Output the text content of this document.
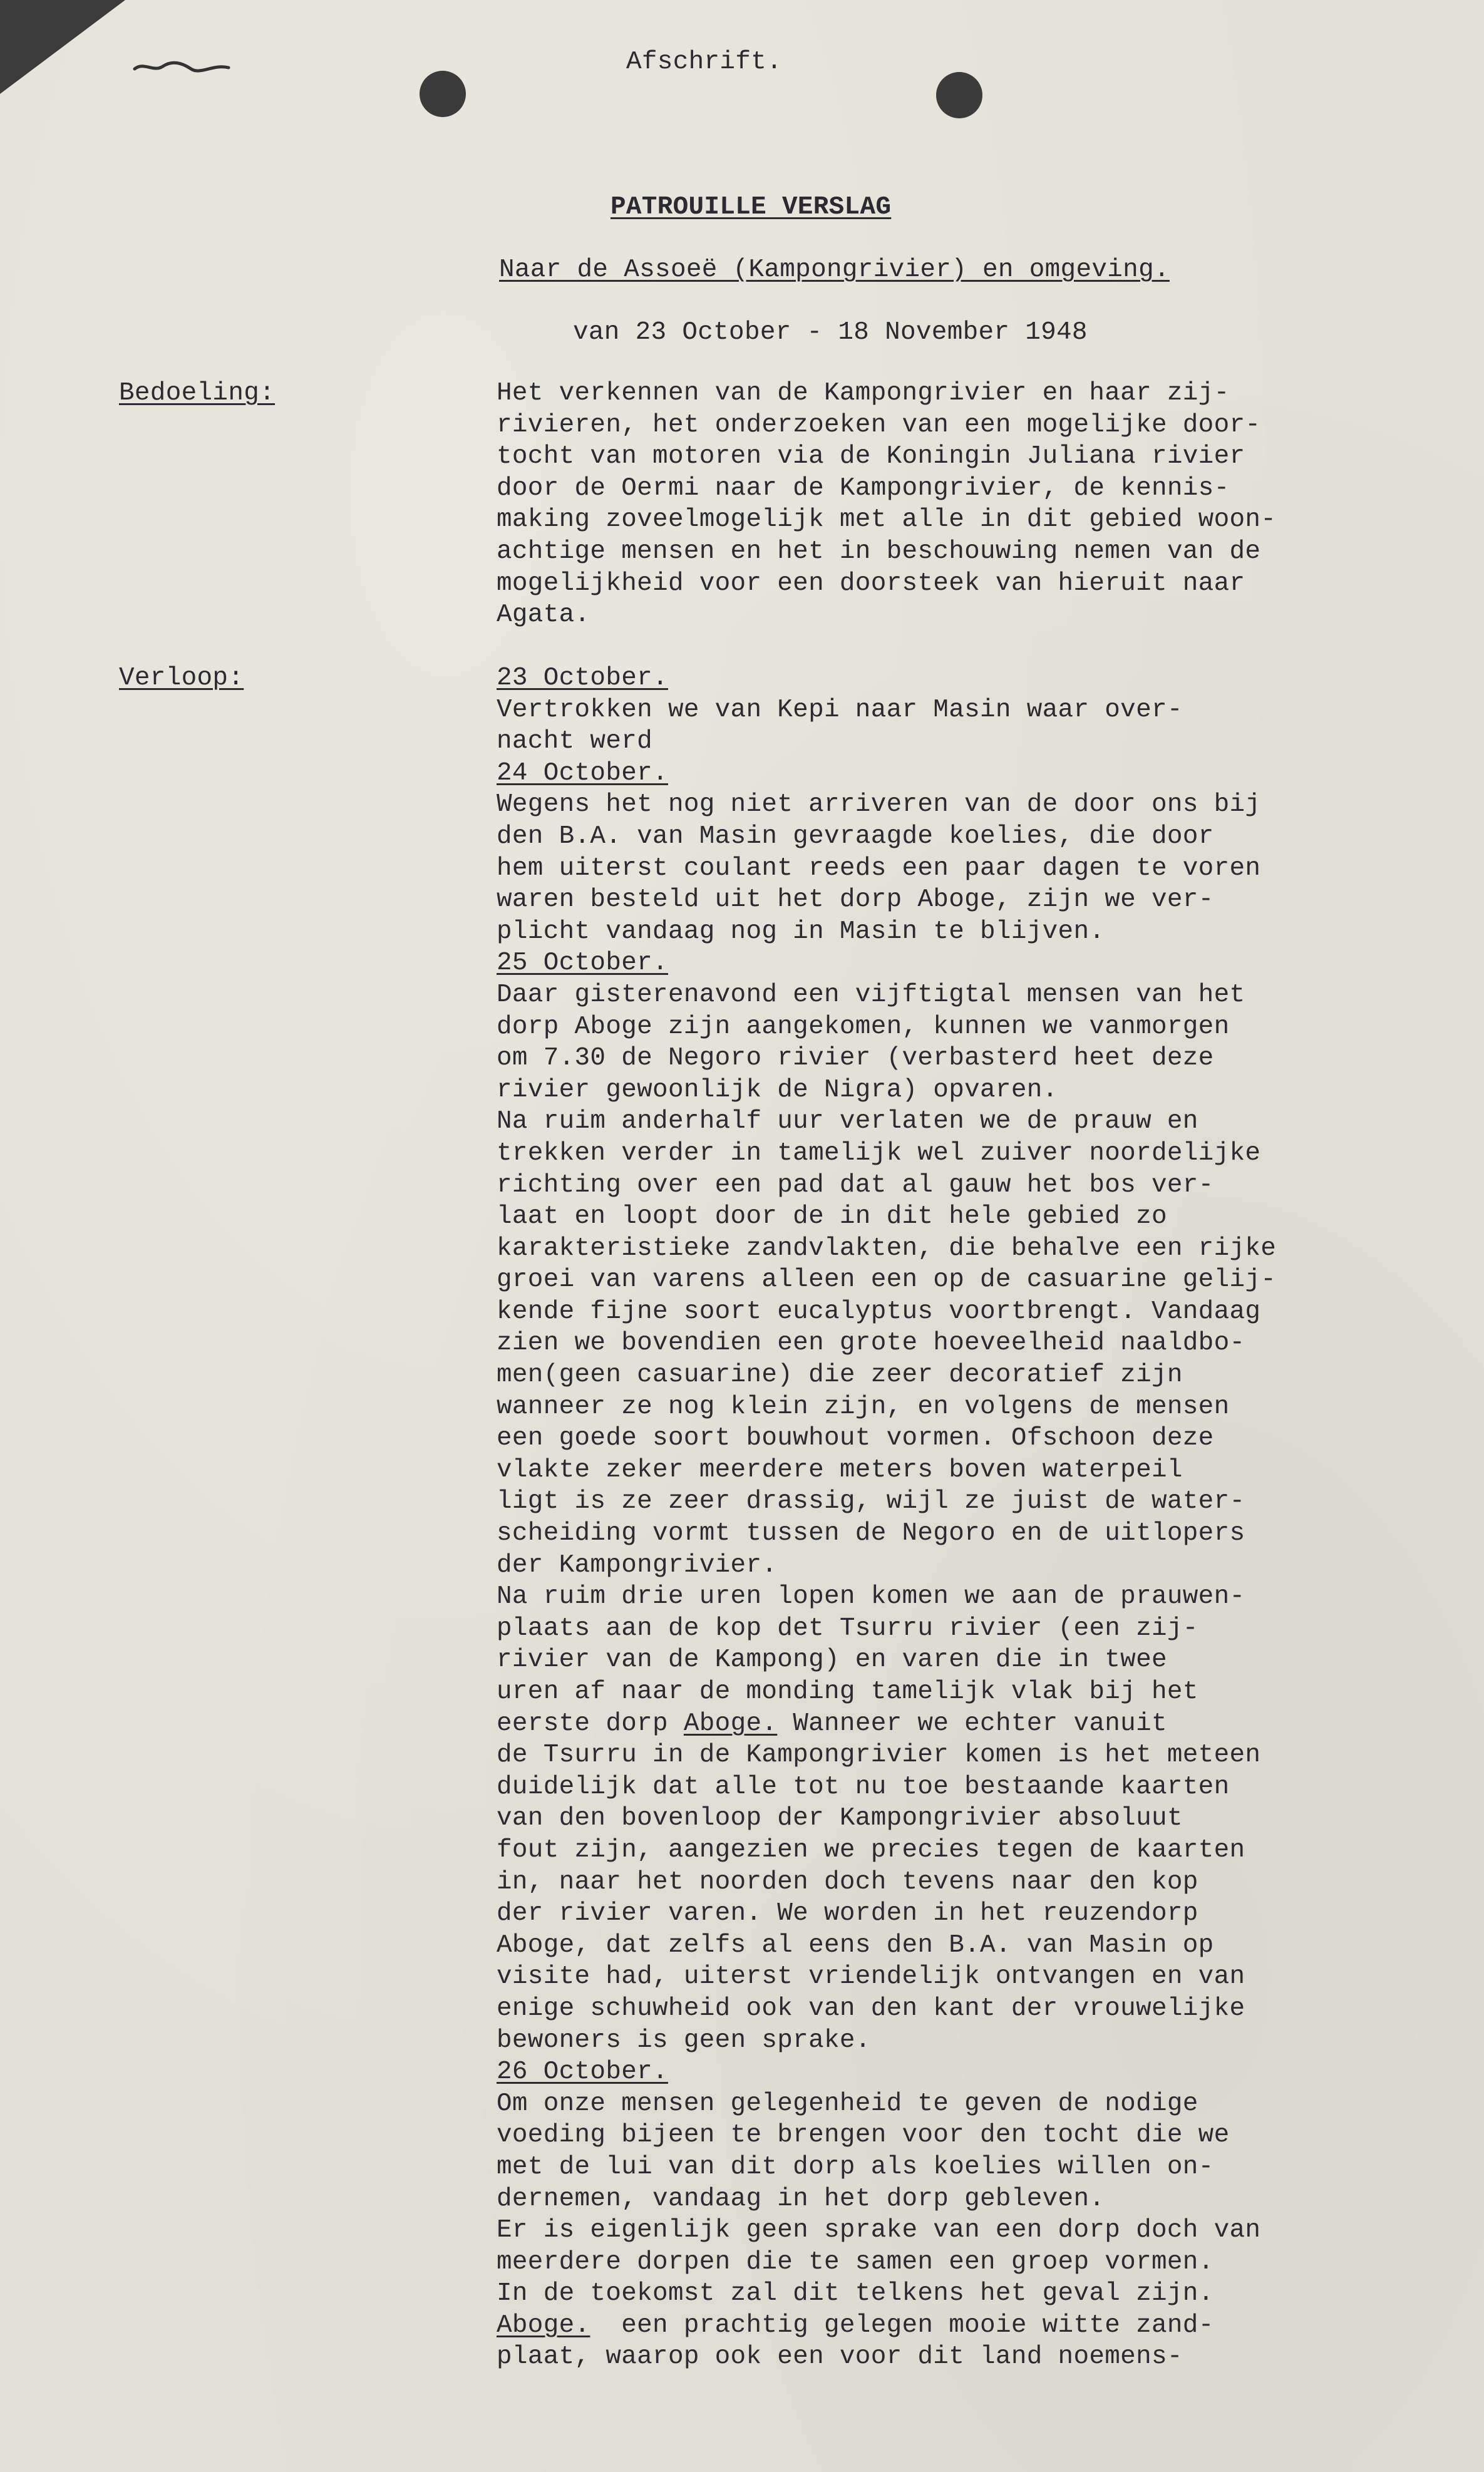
Afschrift.
PATROUILLE VERSLAG
Naar de Assoeë (Kampongrivier) en omgeving.
van 23 October - 18 November 1948
Bedoeling:	Het verkennen van de Kampongrivier en haar zij-
rivieren, het onderzoeken van een mogelijke door-
tocht van motoren via de Koningin Juliana rivier
door de Oermi naar de Kampongrivier, de kennis-
making zoveelmogelijk met alle in dit gebied woon-
achtige mensen en het in beschouwing nemen van de
mogelijkheid voor een doorsteek van hieruit naar
Agata.
Verloop:	23 October.
Vertrokken we van Kepi naar Masin waar over-
nacht werd
24 October.
Wegens het nog niet arriveren van de door ons bij
den B.A. van Masin gevraagde koelies, die door
hem uiterst coulant reeds een paar dagen te voren
waren besteld uit het dorp Aboge, zijn we ver-
plicht vandaag nog in Masin te blijven.
25 October.
Daar gisterenavond een vijftigtal mensen van het
dorp Aboge zijn aangekomen, kunnen we vanmorgen
om 7.30 de Negoro rivier (verbasterd heet deze
rivier gewoonlijk de Nigra) opvaren.
Na ruim anderhalf uur verlaten we de prauw en
trekken verder in tamelijk wel zuiver noordelijke
richting over een pad dat al gauw het bos ver-
laat en loopt door de in dit hele gebied zo
karakteristieke zandvlakten, die behalve een rijke
groei van varens alleen een op de casuarine gelij-
kende fijne soort eucalyptus voortbrengt. Vandaag
zien we bovendien een grote hoeveelheid naaldbo-
men(geen casuarine) die zeer decoratief zijn
wanneer ze nog klein zijn, en volgens de mensen
een goede soort bouwhout vormen. Ofschoon deze
vlakte zeker meerdere meters boven waterpeil
ligt is ze zeer drassig, wijl ze juist de water-
scheiding vormt tussen de Negoro en de uitlopers
der Kampongrivier.
Na ruim drie uren lopen komen we aan de prauwen-
plaats aan de kop det Tsurru rivier (een zij-
rivier van de Kampong) en varen die in twee
uren af naar de monding tamelijk vlak bij het
eerste dorp Aboge. Wanneer we echter vanuit
de Tsurru in de Kampongrivier komen is het meteen
duidelijk dat alle tot nu toe bestaande kaarten
van den bovenloop der Kampongrivier absoluut
fout zijn, aangezien we precies tegen de kaarten
in, naar het noorden doch tevens naar den kop
der rivier varen. We worden in het reuzendorp
Aboge, dat zelfs al eens den B.A. van Masin op
visite had, uiterst vriendelijk ontvangen en van
enige schuwheid ook van den kant der vrouwelijke
bewoners is geen sprake.
26 October.
Om onze mensen gelegenheid te geven de nodige
voeding bijeen te brengen voor den tocht die we
met de lui van dit dorp als koelies willen on-
dernemen, vandaag in het dorp gebleven.
Er is eigenlijk geen sprake van een dorp doch van
meerdere dorpen die te samen een groep vormen.
In de toekomst zal dit telkens het geval zijn.
Aboge.  een prachtig gelegen mooie witte zand-
plaat, waarop ook een voor dit land noemens-
